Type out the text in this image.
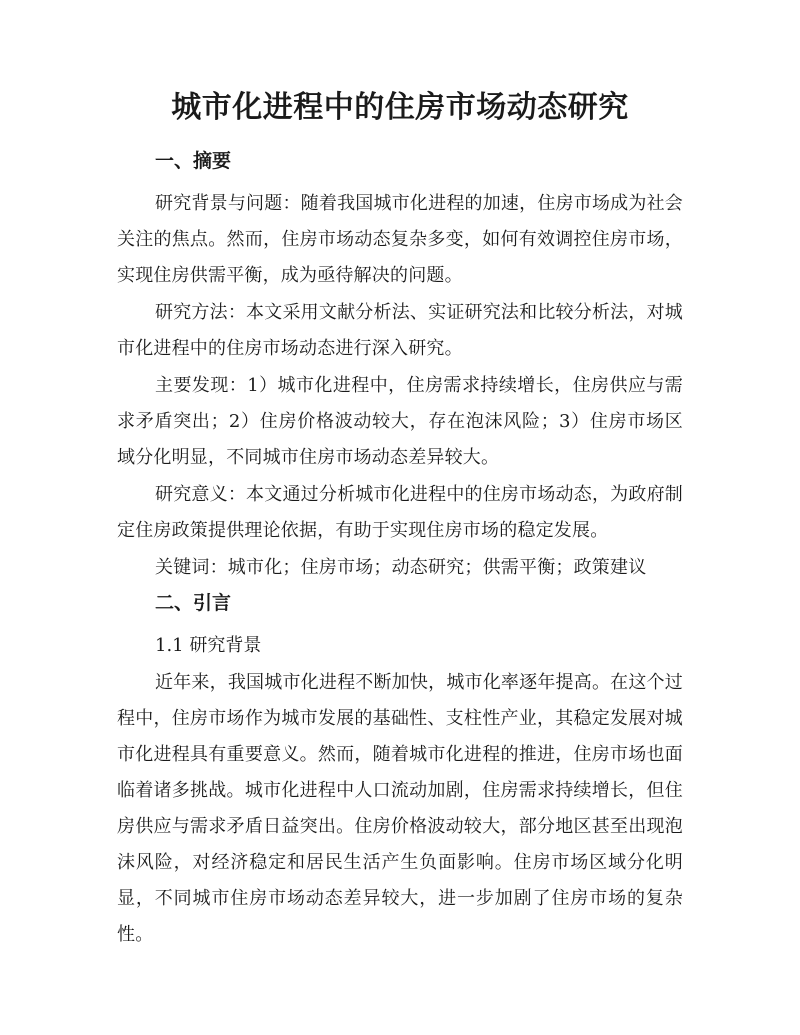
城市化进程中的住房市场动态研究
一、摘要

研究背景与问题：随着我国城市化进程的加速，住房市场成为社会关注的焦点。然而，住房市场动态复杂多变，如何有效调控住房市场，实现住房供需平衡，成为亟待解决的问题。

研究方法：本文采用文献分析法、实证研究法和比较分析法，对城市化进程中的住房市场动态进行深入研究。

主要发现：1）城市化进程中，住房需求持续增长，住房供应与需求矛盾突出；2）住房价格波动较大，存在泡沫风险；3）住房市场区域分化明显，不同城市住房市场动态差异较大。

研究意义：本文通过分析城市化进程中的住房市场动态，为政府制定住房政策提供理论依据，有助于实现住房市场的稳定发展。

关键词：城市化；住房市场；动态研究；供需平衡；政策建议

二、引言

1.1 研究背景

近年来，我国城市化进程不断加快，城市化率逐年提高。在这个过程中，住房市场作为城市发展的基础性、支柱性产业，其稳定发展对城市化进程具有重要意义。然而，随着城市化进程的推进，住房市场也面临着诸多挑战。城市化进程中人口流动加剧，住房需求持续增长，但住房供应与需求矛盾日益突出。住房价格波动较大，部分地区甚至出现泡沫风险，对经济稳定和居民生活产生负面影响。住房市场区域分化明显，不同城市住房市场动态差异较大，进一步加剧了住房市场的复杂性。
